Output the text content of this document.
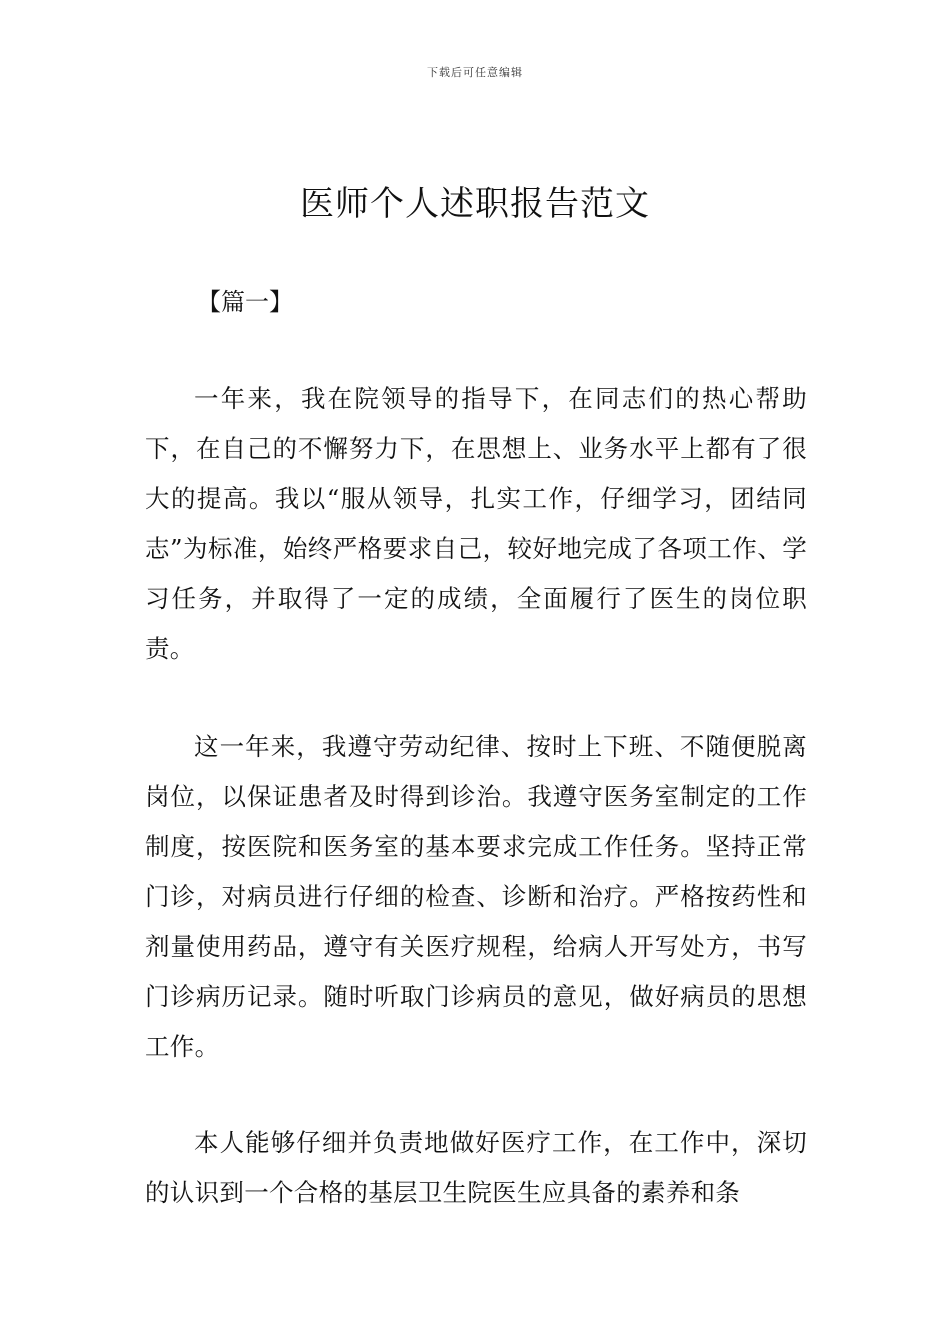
下载后可任意编辑
医师个人述职报告范文

【篇一】

一年来，我在院领导的指导下，在同志们的热心帮助下，在自己的不懈努力下，在思想上、业务水平上都有了很大的提高。我以“服从领导，扎实工作，仔细学习，团结同志”为标准，始终严格要求自己，较好地完成了各项工作、学习任务，并取得了一定的成绩，全面履行了医生的岗位职责。

这一年来，我遵守劳动纪律、按时上下班、不随便脱离岗位，以保证患者及时得到诊治。我遵守医务室制定的工作制度，按医院和医务室的基本要求完成工作任务。坚持正常门诊，对病员进行仔细的检查、诊断和治疗。严格按药性和剂量使用药品，遵守有关医疗规程，给病人开写处方，书写门诊病历记录。随时听取门诊病员的意见，做好病员的思想工作。

本人能够仔细并负责地做好医疗工作，在工作中，深切的认识到一个合格的基层卫生院医生应具备的素养和条
